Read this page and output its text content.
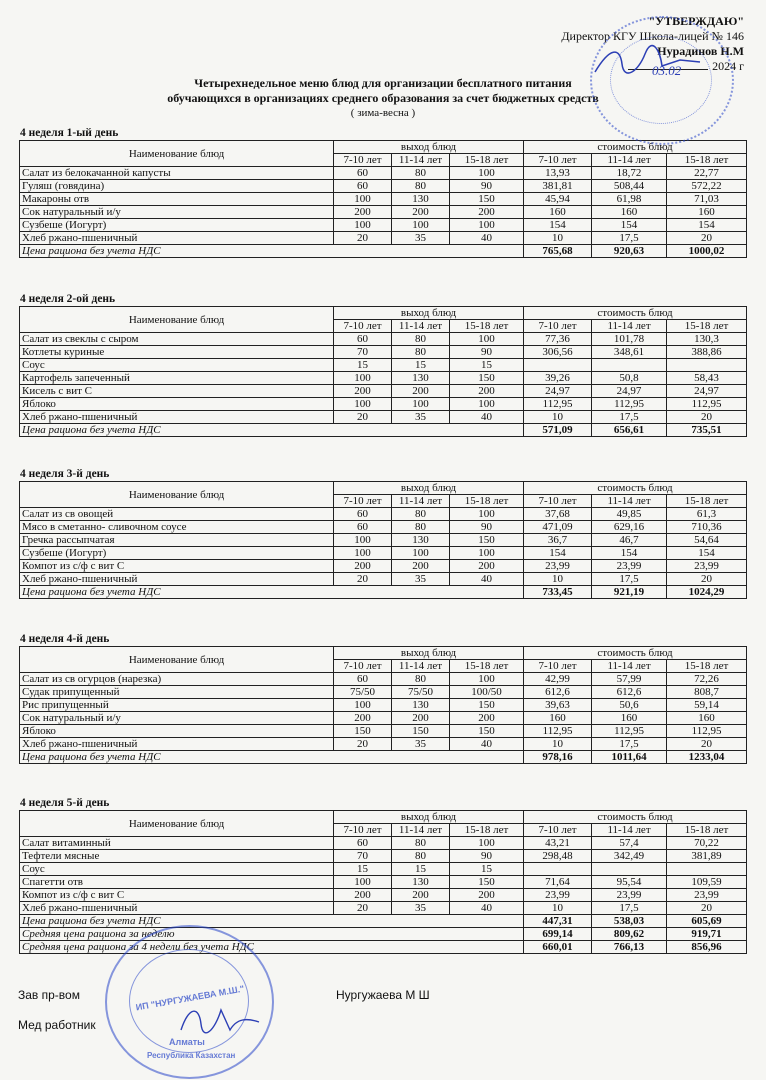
"УТВЕРЖДАЮ"
Директор КГУ Школа-лицей № 146
Нурадинов Н.М
2024 г
Четырехнедельное меню блюд для организации бесплатного питания
обучающихся в организациях среднего образования за счет бюджетных средств
( зима-весна )
4 неделя 1-ый день
Наименование блюд	выход блюд			стоимость блюд		
	7-10 лет	11-14 лет	15-18 лет	7-10 лет	11-14 лет	15-18 лет
Салат из белокачанной капусты	60	80	100	13,93	18,72	22,77
Гуляш (говядина)	60	80	90	381,81	508,44	572,22
Макароны отв	100	130	150	45,94	61,98	71,03
Сок натуральный и/у	200	200	200	160	160	160
Сузбеше (Иогурт)	100	100	100	154	154	154
Хлеб ржано-пшеничный	20	35	40	10	17,5	20
Цена рациона без учета НДС				765,68	920,63	1000,02
4 неделя 2-ой день
Наименование блюд	выход блюд			стоимость блюд		
	7-10 лет	11-14 лет	15-18 лет	7-10 лет	11-14 лет	15-18 лет
Салат из свеклы с сыром	60	80	100	77,36	101,78	130,3
Котлеты куриные	70	80	90	306,56	348,61	388,86
Соус	15	15	15			
Картофель запеченный	100	130	150	39,26	50,8	58,43
Кисель с вит С	200	200	200	24,97	24,97	24,97
Яблоко	100	100	100	112,95	112,95	112,95
Хлеб ржано-пшеничный	20	35	40	10	17,5	20
Цена рациона без учета НДС				571,09	656,61	735,51
4 неделя 3-й день
Наименование блюд	выход блюд			стоимость блюд		
	7-10 лет	11-14 лет	15-18 лет	7-10 лет	11-14 лет	15-18 лет
Салат из св овощей	60	80	100	37,68	49,85	61,3
Мясо в сметанно- сливочном соусе	60	80	90	471,09	629,16	710,36
Гречка рассыпчатая	100	130	150	36,7	46,7	54,64
Сузбеше (Иогурт)	100	100	100	154	154	154
Компот из с/ф с вит С	200	200	200	23,99	23,99	23,99
Хлеб ржано-пшеничный	20	35	40	10	17,5	20
Цена рациона без учета НДС				733,45	921,19	1024,29
4 неделя 4-й день
Наименование блюд	выход блюд			стоимость блюд		
	7-10 лет	11-14 лет	15-18 лет	7-10 лет	11-14 лет	15-18 лет
Салат из св огурцов (нарезка)	60	80	100	42,99	57,99	72,26
Судак припущенный	75/50	75/50	100/50	612,6	612,6	808,7
Рис припущенный	100	130	150	39,63	50,6	59,14
Сок натуральный и/у	200	200	200	160	160	160
Яблоко	150	150	150	112,95	112,95	112,95
Хлеб ржано-пшеничный	20	35	40	10	17,5	20
Цена рациона без учета НДС				978,16	1011,64	1233,04
4 неделя 5-й день
Наименование блюд	выход блюд			стоимость блюд		
	7-10 лет	11-14 лет	15-18 лет	7-10 лет	11-14 лет	15-18 лет
Салат витаминный	60	80	100	43,21	57,4	70,22
Тефтели мясные	70	80	90	298,48	342,49	381,89
Соус	15	15	15			
Спагетти отв	100	130	150	71,64	95,54	109,59
Компот из с/ф с вит С	200	200	200	23,99	23,99	23,99
Хлеб ржано-пшеничный	20	35	40	10	17,5	20
Цена рациона без учета НДС				447,31	538,03	605,69
Средняя цена рациона за неделю				699,14	809,62	919,71
Средняя цена рациона за 4 недели без учета НДС				660,01	766,13	856,96
Зав пр-вом	Нургужаева М Ш
Мед работник
ИП "НУРГУЖАЕВА М.Ш."
Алматы
Республика Казахстан
03.02
